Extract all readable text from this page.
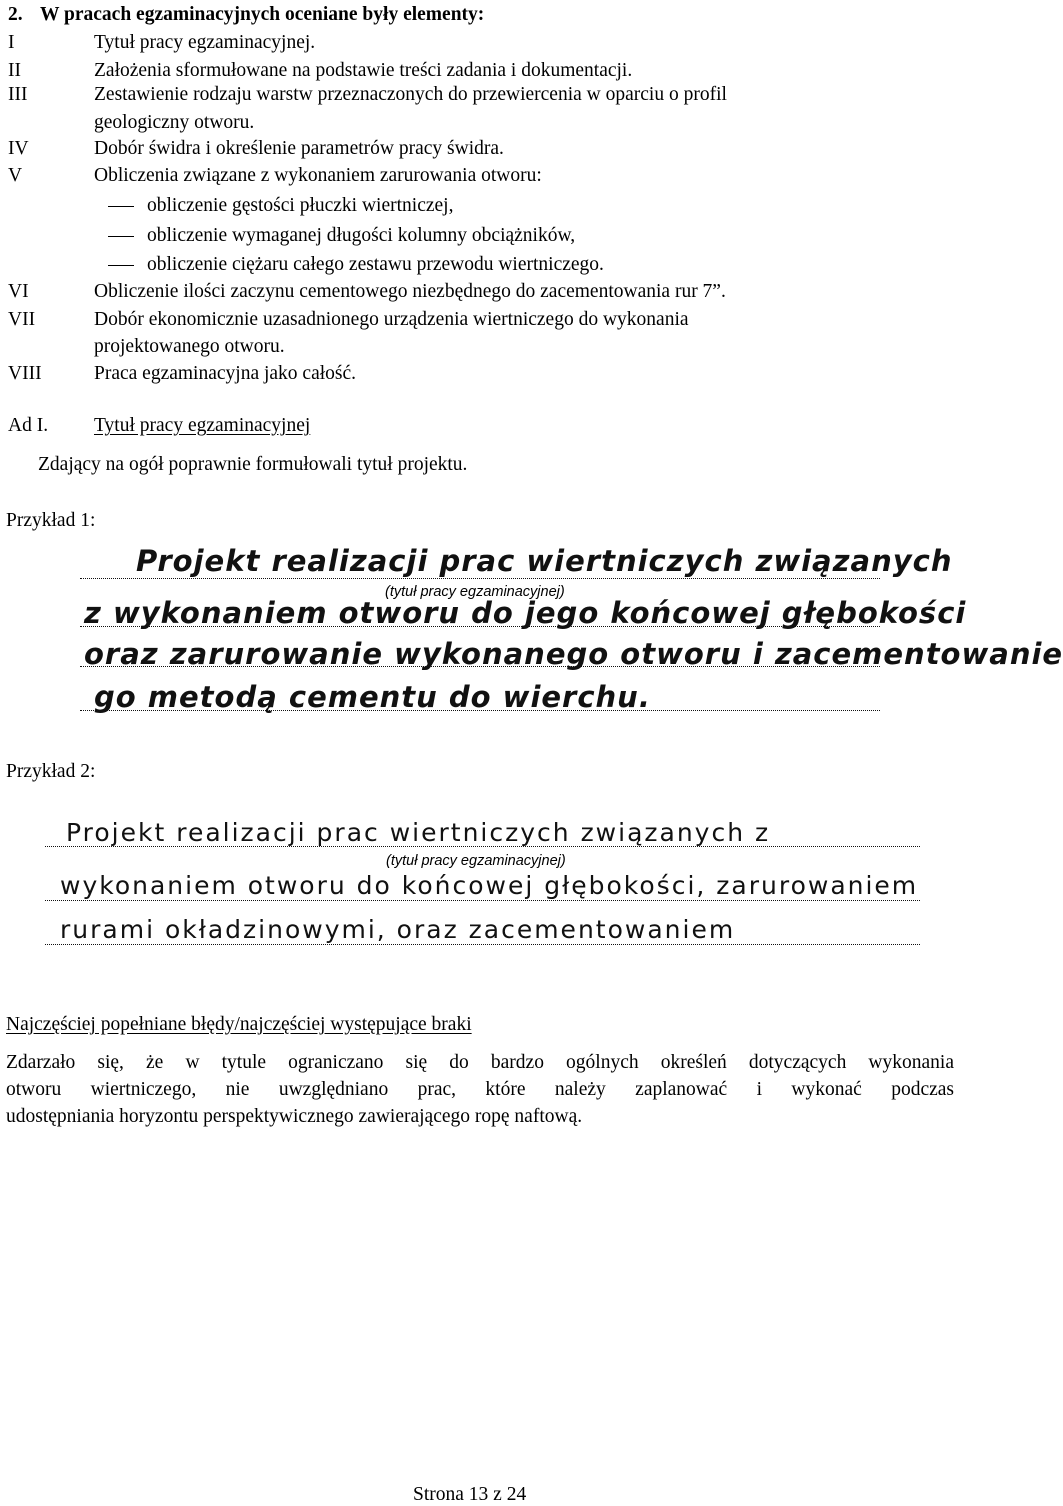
2. W pracach egzaminacyjnych oceniane były elementy:
I	Tytuł pracy egzaminacyjnej.
II	Założenia sformułowane na podstawie treści zadania i dokumentacji.
III	Zestawienie rodzaju warstw przeznaczonych do przewiercenia w oparciu o profil
geologiczny otworu.
IV	Dobór świdra i określenie parametrów pracy świdra.
V	Obliczenia związane z wykonaniem zarurowania otworu:
obliczenie gęstości płuczki wiertniczej,
obliczenie wymaganej długości kolumny obciążników,
obliczenie ciężaru całego zestawu przewodu wiertniczego.
VI	Obliczenie ilości zaczynu cementowego niezbędnego do zacementowania rur 7”.
VII	Dobór ekonomicznie uzasadnionego urządzenia wiertniczego do wykonania
projektowanego otworu.
VIII	Praca egzaminacyjna jako całość.
Ad I. Tytuł pracy egzaminacyjnej
Zdający na ogół poprawnie formułowali tytuł projektu.
Przykład 1:
Projekt realizacji prac wiertniczych związanych
(tytuł pracy egzaminacyjnej)
z wykonaniem otworu do jego końcowej głębokości
oraz zarurowanie wykonanego otworu i zacementowanie
go metodą cementu do wierchu.
Przykład 2:
Projekt realizacji prac wiertniczych związanych z
(tytuł pracy egzaminacyjnej)
wykonaniem otworu do końcowej głębokości, zarurowaniem
rurami okładzinowymi, oraz zacementowaniem
Najczęściej popełniane błędy/najczęściej występujące braki
Zdarzało się, że w tytule ograniczano się do bardzo ogólnych określeń dotyczących wykonania
otworu wiertniczego, nie uwzględniano prac, które należy zaplanować i wykonać podczas
udostępniania horyzontu perspektywicznego zawierającego ropę naftową.
Strona 13 z 24
